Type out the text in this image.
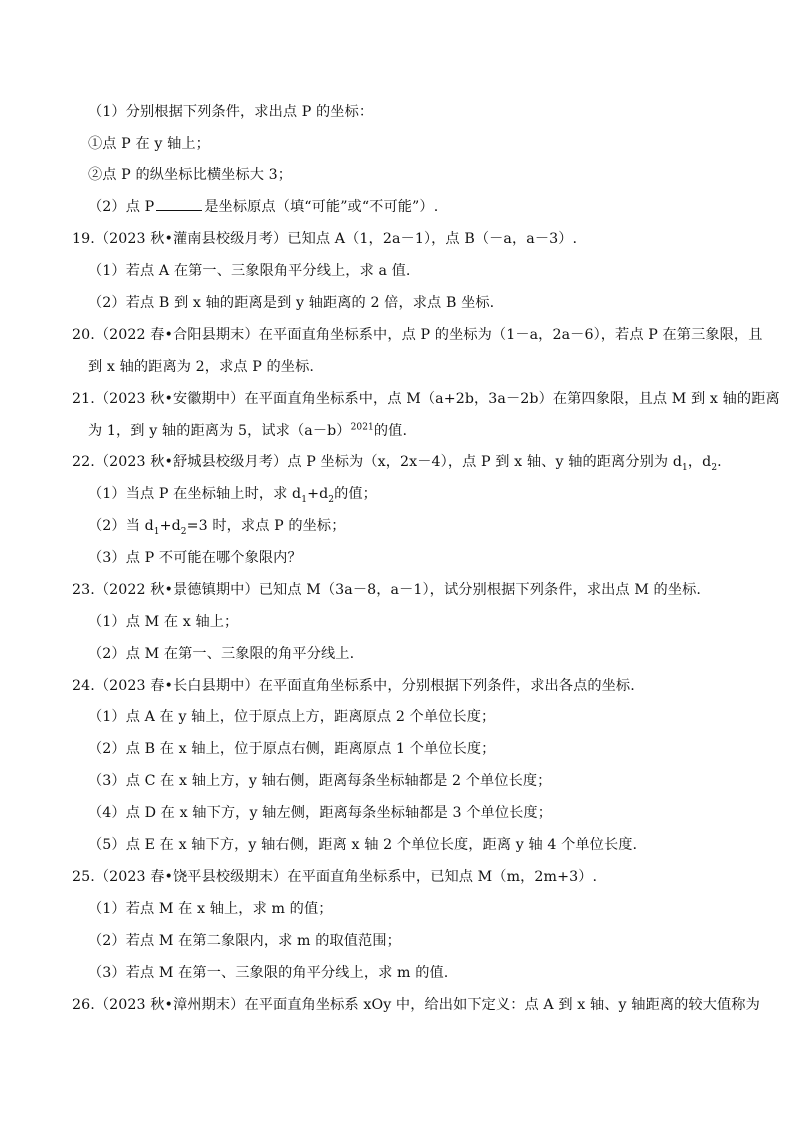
（1）分别根据下列条件，求出点 P 的坐标：
①点 P 在 y 轴上；
②点 P 的纵坐标比横坐标大 3；
（2）点 P	是坐标原点（填“可能”或“不可能”）.
19.（2023 秋•灌南县校级月考）已知点 A（1，2a－1），点 B（－a，a－3）.
（1）若点 A 在第一、三象限角平分线上，求 a 值.
（2）若点 B 到 x 轴的距离是到 y 轴距离的 2 倍，求点 B 坐标.
20.（2022 春•合阳县期末）在平面直角坐标系中，点 P 的坐标为（1－a，2a－6），若点 P 在第三象限，且
到 x 轴的距离为 2，求点 P 的坐标.
21.（2023 秋•安徽期中）在平面直角坐标系中，点 M（a+2b，3a－2b）在第四象限，且点 M 到 x 轴的距离
为 1，到 y 轴的距离为 5，试求$(a-b)^{2021}$的值.
22.（2023 秋•舒城县校级月考）点 P 坐标为（x，2x－4），点 P 到 x 轴、y 轴的距离分别为 $d_1$，$d_2$.
（1）当点 P 在坐标轴上时，求 $d_1+d_2$的值；
（2）当 $d_1+d_2=3$ 时，求点 P 的坐标；
（3）点 P 不可能在哪个象限内？
23.（2022 秋•景德镇期中）已知点 M（3a－8，a－1），试分别根据下列条件，求出点 M 的坐标.
（1）点 M 在 x 轴上；
（2）点 M 在第一、三象限的角平分线上.
24.（2023 春•长白县期中）在平面直角坐标系中，分别根据下列条件，求出各点的坐标.
（1）点 A 在 y 轴上，位于原点上方，距离原点 2 个单位长度；
（2）点 B 在 x 轴上，位于原点右侧，距离原点 1 个单位长度；
（3）点 C 在 x 轴上方，y 轴右侧，距离每条坐标轴都是 2 个单位长度；
（4）点 D 在 x 轴下方，y 轴左侧，距离每条坐标轴都是 3 个单位长度；
（5）点 E 在 x 轴下方，y 轴右侧，距离 x 轴 2 个单位长度，距离 y 轴 4 个单位长度.
25.（2023 春•饶平县校级期末）在平面直角坐标系中，已知点 M（m，2m+3）.
（1）若点 M 在 x 轴上，求 m 的值；
（2）若点 M 在第二象限内，求 m 的取值范围；
（3）若点 M 在第一、三象限的角平分线上，求 m 的值.
26.（2023 秋•漳州期末）在平面直角坐标系 xOy 中，给出如下定义：点 A 到 x 轴、y 轴距离的较大值称为
